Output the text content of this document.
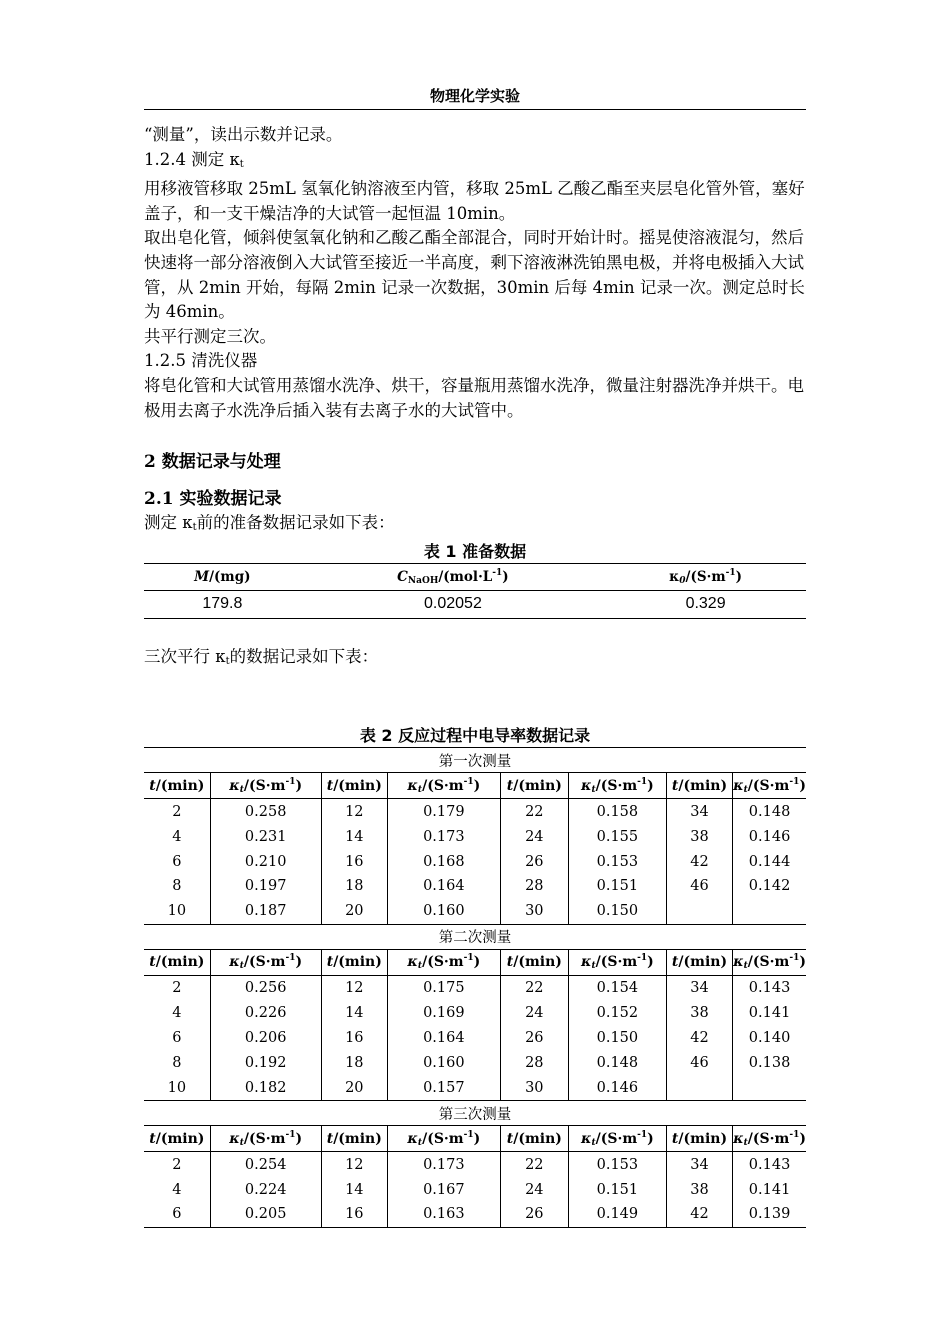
物理化学实验

“测量”，读出示数并记录。

1.2.4 测定 κt

用移液管移取 25mL 氢氧化钠溶液至内管，移取 25mL 乙酸乙酯至夹层皂化管外管，塞好盖子，和一支干燥洁净的大试管一起恒温 10min。

取出皂化管，倾斜使氢氧化钠和乙酸乙酯全部混合，同时开始计时。摇晃使溶液混匀，然后快速将一部分溶液倒入大试管至接近一半高度，剩下溶液淋洗铂黑电极，并将电极插入大试管，从 2min 开始，每隔 2min 记录一次数据，30min 后每 4min 记录一次。测定总时长为 46min。

共平行测定三次。

1.2.5 清洗仪器

将皂化管和大试管用蒸馏水洗净、烘干，容量瓶用蒸馏水洗净，微量注射器洗净并烘干。电极用去离子水洗净后插入装有去离子水的大试管中。

2 数据记录与处理
2.1 实验数据记录

测定 κt前的准备数据记录如下表：

表 1 准备数据
M/(mg)	$C_{NaOH}/(mol\cdot L^{-1})$	$\kappa_0/(S\cdot m^{-1})$
179.8	0.02052	0.329

三次平行 κt的数据记录如下表：

表 2 反应过程中电导率数据记录
第一次测量							
t/(min)	$\kappa_t/(S\cdot m^{-1})$	t/(min)	$\kappa_t/(S\cdot m^{-1})$	t/(min)	$\kappa_t/(S\cdot m^{-1})$	t/(min)	$\kappa_t/(S\cdot m^{-1})$
2	0.258	12	0.179	22	0.158	34	0.148
4	0.231	14	0.173	24	0.155	38	0.146
6	0.210	16	0.168	26	0.153	42	0.144
8	0.197	18	0.164	28	0.151	46	0.142
10	0.187	20	0.160	30	0.150		
第二次测量							
t/(min)	$\kappa_t/(S\cdot m^{-1})$	t/(min)	$\kappa_t/(S\cdot m^{-1})$	t/(min)	$\kappa_t/(S\cdot m^{-1})$	t/(min)	$\kappa_t/(S\cdot m^{-1})$
2	0.256	12	0.175	22	0.154	34	0.143
4	0.226	14	0.169	24	0.152	38	0.141
6	0.206	16	0.164	26	0.150	42	0.140
8	0.192	18	0.160	28	0.148	46	0.138
10	0.182	20	0.157	30	0.146		
第三次测量							
t/(min)	$\kappa_t/(S\cdot m^{-1})$	t/(min)	$\kappa_t/(S\cdot m^{-1})$	t/(min)	$\kappa_t/(S\cdot m^{-1})$	t/(min)	$\kappa_t/(S\cdot m^{-1})$
2	0.254	12	0.173	22	0.153	34	0.143
4	0.224	14	0.167	24	0.151	38	0.141
6	0.205	16	0.163	26	0.149	42	0.139
